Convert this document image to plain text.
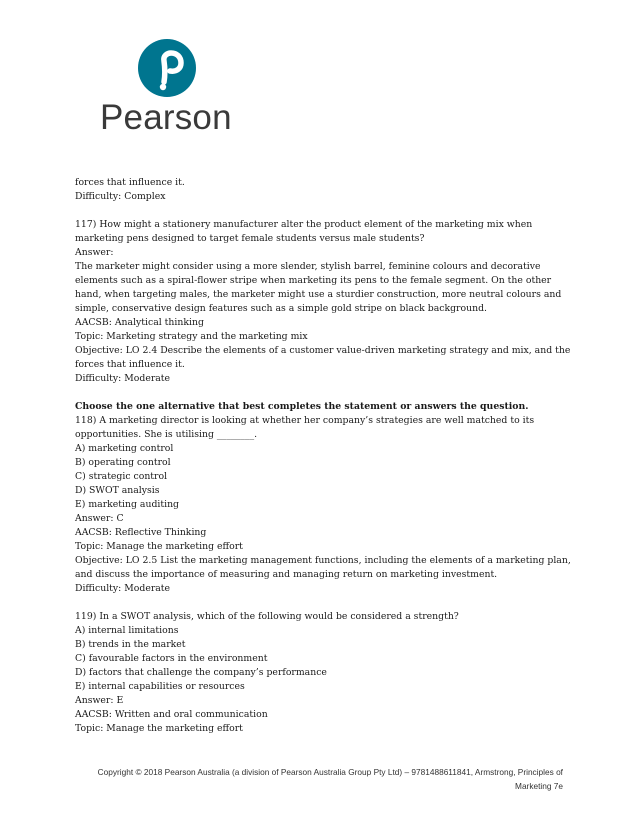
Pearson
forces that influence it.
Difficulty: Complex
117) How might a stationery manufacturer alter the product element of the marketing mix when
marketing pens designed to target female students versus male students?
Answer:
The marketer might consider using a more slender, stylish barrel, feminine colours and decorative
elements such as a spiral-flower stripe when marketing its pens to the female segment. On the other
hand, when targeting males, the marketer might use a sturdier construction, more neutral colours and
simple, conservative design features such as a simple gold stripe on black background.
AACSB: Analytical thinking
Topic: Marketing strategy and the marketing mix
Objective: LO 2.4 Describe the elements of a customer value-driven marketing strategy and mix, and the
forces that influence it.
Difficulty: Moderate
Choose the one alternative that best completes the statement or answers the question.
118) A marketing director is looking at whether her company’s strategies are well matched to its
opportunities. She is utilising ________.
A) marketing control
B) operating control
C) strategic control
D) SWOT analysis
E) marketing auditing
Answer: C
AACSB: Reflective Thinking
Topic: Manage the marketing effort
Objective: LO 2.5 List the marketing management functions, including the elements of a marketing plan,
and discuss the importance of measuring and managing return on marketing investment.
Difficulty: Moderate
119) In a SWOT analysis, which of the following would be considered a strength?
A) internal limitations
B) trends in the market
C) favourable factors in the environment
D) factors that challenge the company’s performance
E) internal capabilities or resources
Answer: E
AACSB: Written and oral communication
Topic: Manage the marketing effort
Copyright © 2018 Pearson Australia (a division of Pearson Australia Group Pty Ltd) – 9781488611841, Armstrong, Principles of
Marketing 7e
